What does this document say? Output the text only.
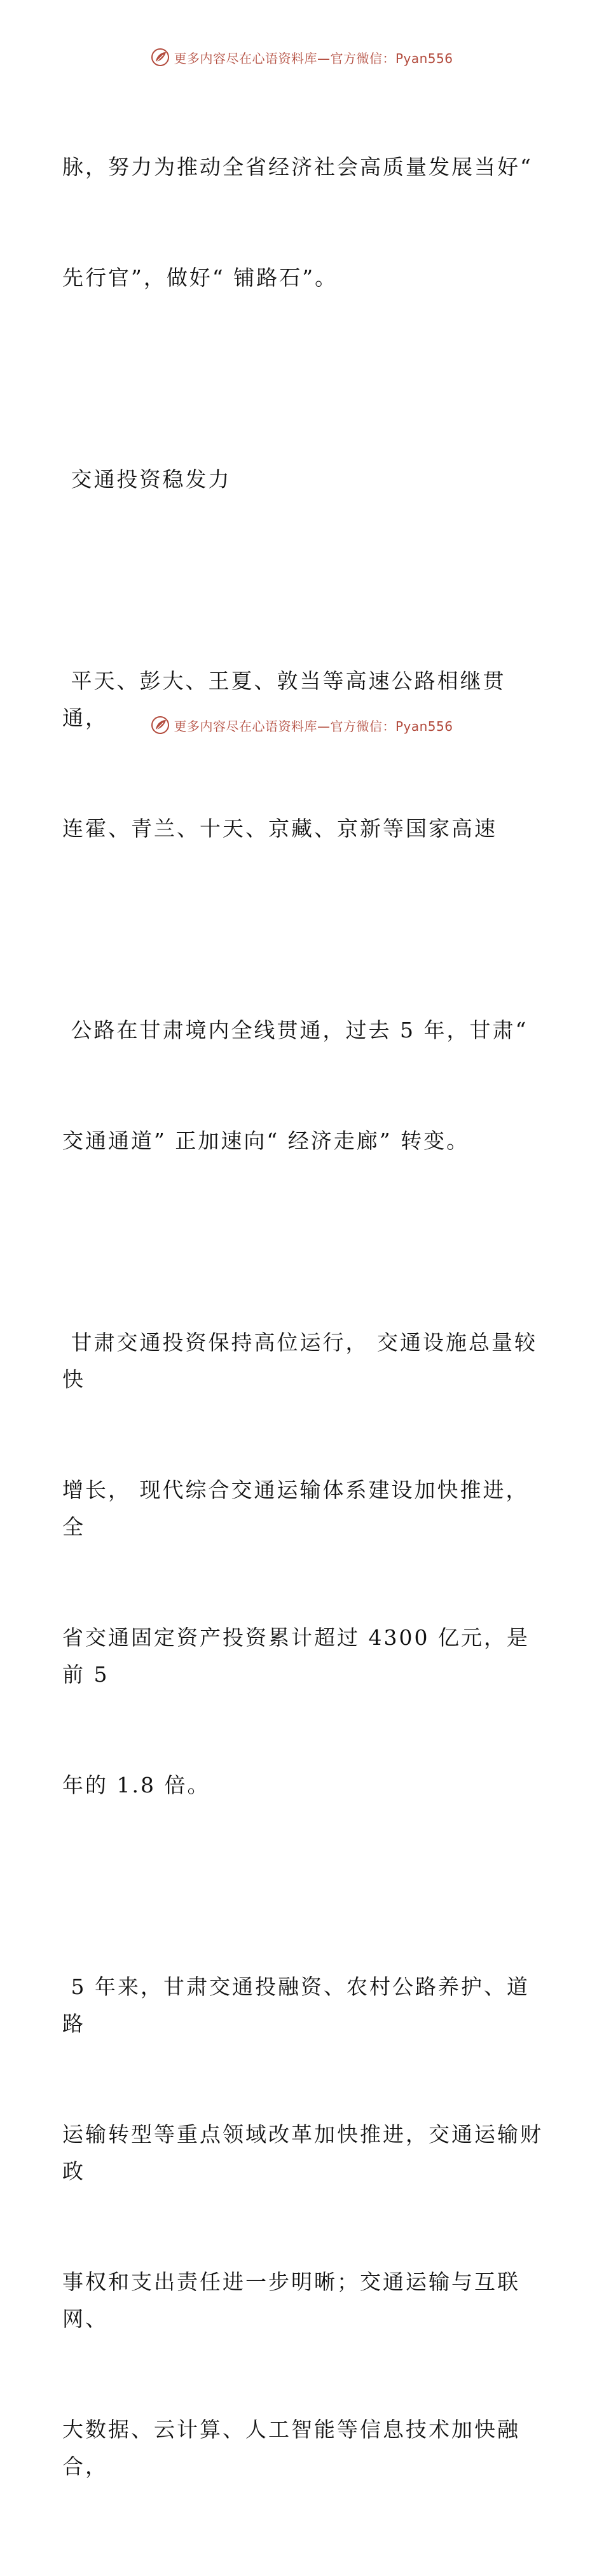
更多内容尽在心语资料库—官方微信：Pyan556

脉，努力为推动全省经济社会高质量发展当好“

先行官”，做好“ 铺路石”。

交通投资稳发力

平天、彭大、王夏、敦当等高速公路相继贯通，

连霍、青兰、十天、京藏、京新等国家高速

公路在甘肃境内全线贯通，过去 5 年，甘肃“

交通通道” 正加速向“ 经济走廊” 转变。

甘肃交通投资保持高位运行， 交通设施总量较快

增长， 现代综合交通运输体系建设加快推进，全

省交通固定资产投资累计超过 4300 亿元，是前 5

年的 1.8 倍。

5 年来，甘肃交通投融资、农村公路养护、道路

运输转型等重点领域改革加快推进，交通运输财政

事权和支出责任进一步明晰；交通运输与互联网、

大数据、云计算、人工智能等信息技术加快融合，

更多内容尽在心语资料库—官方微信：Pyan556
